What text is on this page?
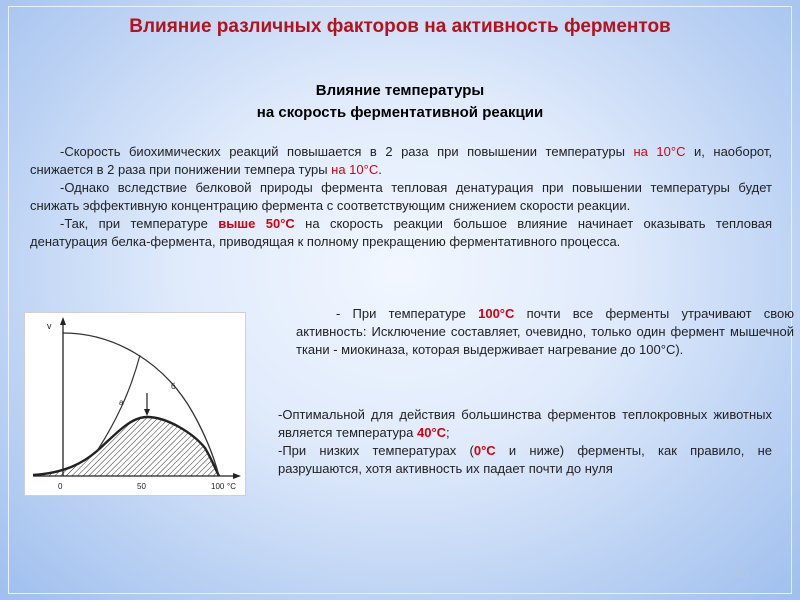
Влияние различных факторов на активность ферментов
Влияние температуры
на скорость ферментативной реакции

-Скорость биохимических реакций повышается в 2 раза при повышении температуры на 10°С и, наоборот, снижается в 2 раза при понижении темпера туры на 10°С.

-Однако вследствие белковой природы фермента тепловая денатурация при повышении температуры будет снижать эффективную концентрацию фермента с соответствующим снижением скорости реакции.

-Так, при температуре выше 50°С на скорость реакции большое влияние начинает оказывать тепловая денатурация белка-фермента, приводящая к полному прекращению ферментативного процесса.

v
а
б
0	50	100 °C

- При температуре 100°С почти все ферменты утрачивают свою активность: Исключение составляет, очевидно, только один фермент мышечной ткани - миокиназа, которая выдерживает нагревание до 100°С).

-Оптимальной для действия большинства ферментов теплокровных животных является температура 40°С;

-При низких температурах (0°С и ниже) ферменты, как правило, не разрушаются, хотя активность их падает почти до нуля

40
